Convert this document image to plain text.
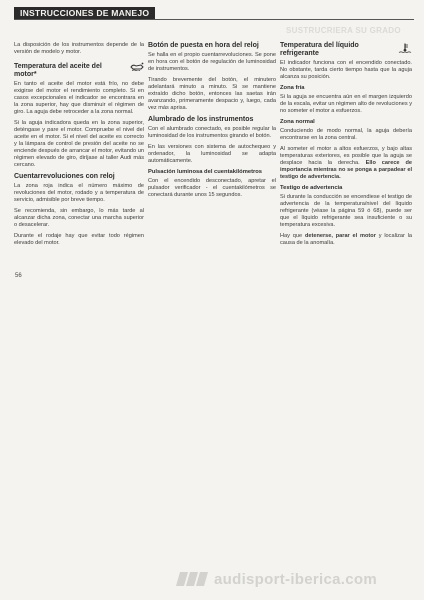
INSTRUCCIONES DE MANEJO
SUSTRUCRIERA SU GRADO

La disposición de los instrumentos depende de la versión de modelo y motor.

Temperatura del aceite del motor*

En tanto el aceite del motor está frío, no debe exigirse del motor el rendimiento completo. Si en casos excepcionales el indicador se encontrara en la zona superior, hay que disminuir el régimen de giro. La aguja debe retroceder a la zona normal.

Si la aguja indicadora queda en la zona superior, deténgase y pare el motor. Compruebe el nivel del aceite en el motor. Si el nivel del aceite es correcto y la lámpara de control de presión del aceite no se enciende después de arrancar el motor, evitando un régimen elevado de giro, diríjase al taller Audi más cercano.

Cuentarrevoluciones con reloj

La zona roja indica el número máximo de revoluciones del motor, rodado y a temperatura de servicio, admisible por breve tiempo.

Se recomienda, sin embargo, lo más tarde al alcanzar dicha zona, conectar una marcha superior o desacelerar.

Durante el rodaje hay que evitar todo régimen elevado del motor.

Botón de puesta en hora del reloj

Se halla en el propio cuentarrevoluciones. Se pone en hora con el botón de regulación de luminosidad de instrumentos.

Tirando brevemente del botón, el minutero adelantará minuto a minuto. Si se mantiene extraído dicho botón, entonces las saetas irán avanzando, primeramente despacio y, luego, cada vez más aprisa.

Alumbrado de los instrumentos

Con el alumbrado conectado, es posible regular la luminosidad de los instrumentos girando el botón.

En las versiones con sistema de autochequeo y ordenador, la luminosidad se adapta automáticamente.

Pulsación luminosa del cuentakilómetros

Con el encendido desconectado, apretar el pulsador verificador - el cuentakilómetros se conectará durante unos 15 segundos.

Temperatura del líquido refrigerante

El indicador funciona con el encendido conectado. No obstante, tarda cierto tiempo hasta que la aguja alcanza su posición.

Zona fría

Si la aguja se encuentra aún en el margen izquierdo de la escala, evitar un régimen alto de revoluciones y no someter el motor a esfuerzos.

Zona normal

Conduciendo de modo normal, la aguja debería encontrarse en la zona central.

Al someter el motor a altos esfuerzos, y bajo altas temperaturas exteriores, es posible que la aguja se desplace hacia la derecha. Ello carece de importancia mientras no se ponga a parpadear el testigo de advertencia.

Testigo de advertencia

Si durante la conducción se encendiese el testigo de advertencia de la temperatura/nivel del líquido refrigerante (véase la página 59 ó 68), puede ser que el líquido refrigerante sea insuficiente o su temperatura excesiva.

Hay que detenerse, parar el motor y localizar la causa de la anomalía.

56
audisport-iberica.com
